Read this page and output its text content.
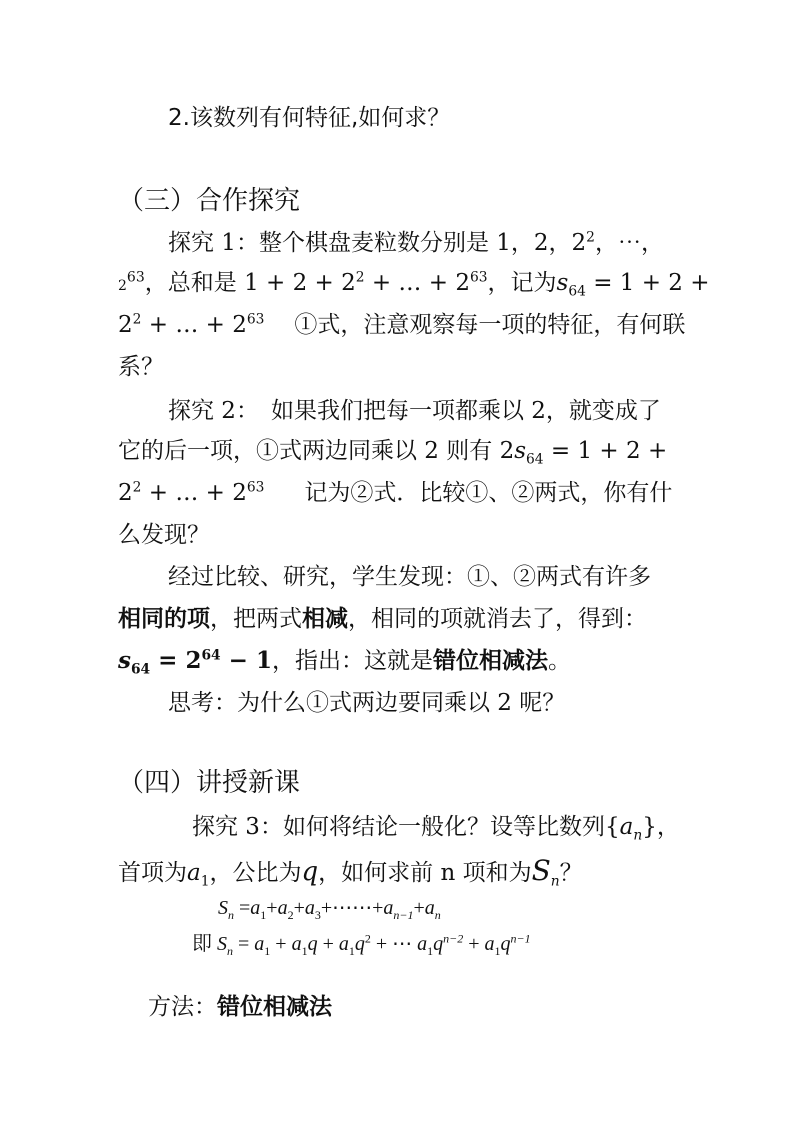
2.该数列有何特征,如何求？
（三）合作探究
探究 1：整个棋盘麦粒数分别是 1，2，$2^2$，⋯，
$2^{63}$，总和是 $1 + 2 + 2^2$ + … + $2^{63}$，记为$s_{64} = 1 + 2$ +
$2^2$ + … + $2^{63}$ ①式，注意观察每一项的特征，有何联
系？
探究 2： 如果我们把每一项都乘以 2，就变成了
它的后一项，①式两边同乘以 2 则有 $2s_{64} = 1 + 2$ +
$2^2$ + … + $2^{63}$ 记为②式．比较①、②两式，你有什
么发现？
经过比较、研究，学生发现：①、②两式有许多
相同的项，把两式相减，相同的项就消去了，得到：
$s_{64} = 2^{64} - 1$，指出：这就是错位相减法。
思考：为什么①式两边要同乘以 2 呢？
（四）讲授新课
探究 3：如何将结论一般化？设等比数列$\{a_n\}$，
首项为$a_1$，公比为q，如何求前 n 项和为$S_n$？
$S_n$ $=a_1+a_2+a_3+\cdots\cdots+a_{n-1}+a_n$
即 $S_n = a_1 + a_1q + a_1q^2$ + ⋯ $a_1q^{n-2} + a_1q^{n-1}$
方法：错位相减法
